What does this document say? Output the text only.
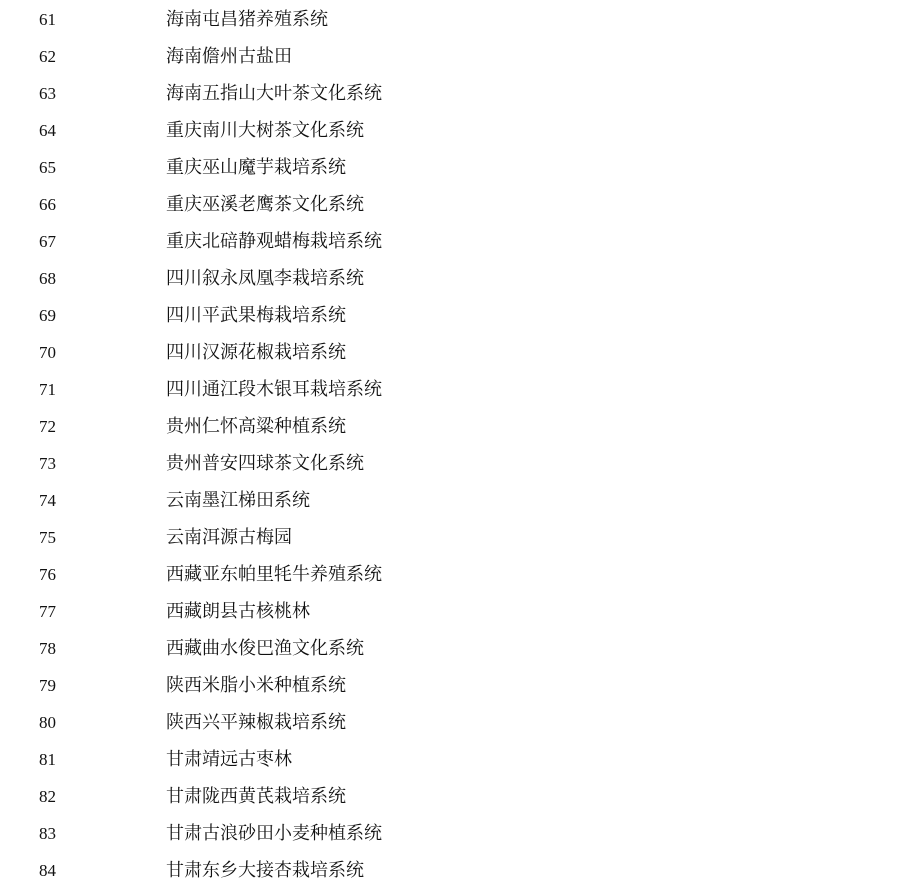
61	海南屯昌猪养殖系统
62	海南儋州古盐田
63	海南五指山大叶茶文化系统
64	重庆南川大树茶文化系统
65	重庆巫山魔芋栽培系统
66	重庆巫溪老鹰茶文化系统
67	重庆北碚静观蜡梅栽培系统
68	四川叙永凤凰李栽培系统
69	四川平武果梅栽培系统
70	四川汉源花椒栽培系统
71	四川通江段木银耳栽培系统
72	贵州仁怀高粱种植系统
73	贵州普安四球茶文化系统
74	云南墨江梯田系统
75	云南洱源古梅园
76	西藏亚东帕里牦牛养殖系统
77	西藏朗县古核桃林
78	西藏曲水俊巴渔文化系统
79	陕西米脂小米种植系统
80	陕西兴平辣椒栽培系统
81	甘肃靖远古枣林
82	甘肃陇西黄芪栽培系统
83	甘肃古浪砂田小麦种植系统
84	甘肃东乡大接杏栽培系统
